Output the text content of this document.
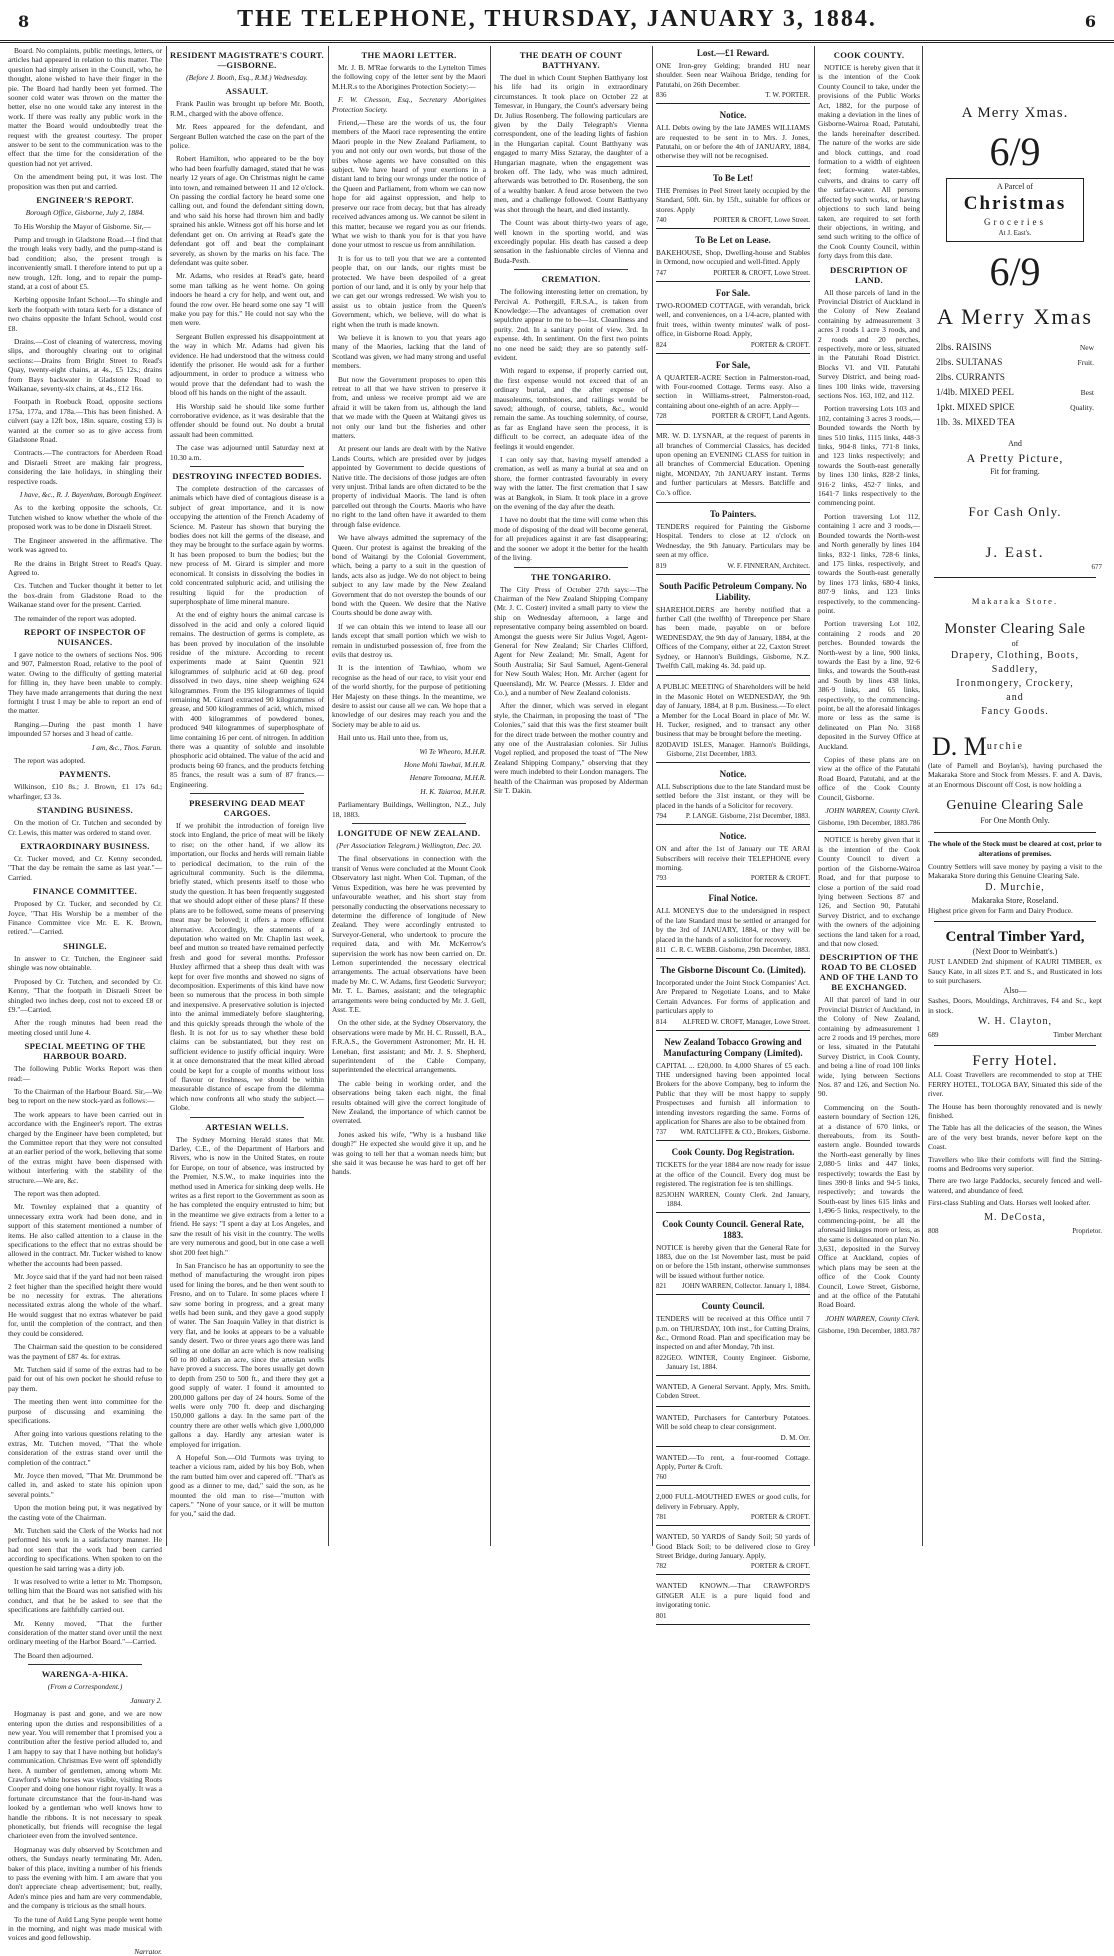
8	THE TELEPHONE, THURSDAY, JANUARY 3, 1884.	6

Board. No complaints, public meetings, letters, or articles had appeared in relation to this matter. The question had simply arisen in the Council, who, he thought, alone wished to have their finger in the pie. The Board had hardly been yet formed. The sooner cold water was thrown on the matter the better, else no one would take any interest in the work. If there was really any public work in the matter the Board would undoubtedly treat the request with the greatest courtesy. The proper answer to be sent to the communication was to the effect that the time for the consideration of the question had not yet arrived.

On the amendment being put, it was lost. The proposition was then put and carried.

ENGINEER'S REPORT.
Borough Office, Gisborne, July 2, 1884.

To His Worship the Mayor of Gisborne. Sir,—

Pump and trough in Gladstone Road.—I find that the trough leaks very badly, and the pump-stand is bad condition; also, the present trough is inconveniently small. I therefore intend to put up a new trough, 12ft. long, and to repair the pump-stand, at a cost of about £5.

Kerbing opposite Infant School.—To shingle and kerb the footpath with totara kerb for a distance of two chains opposite the Infant School, would cost £8.

Drains.—Cost of cleaning of watercress, moving slips, and thoroughly clearing out to original sections:—Drains from Bright Street to Read's Quay, twenty-eight chains, at 4s., £5 12s.; drains from Bays backwater in Gladstone Road to Waikanae, seventy-six chains, at 4s., £12 16s.

Footpath in Roebuck Road, opposite sections 175a, 177a, and 178a.—This has been finished. A culvert (say a 12ft box, 18in. square, costing £3) is wanted at the corner so as to give access from Gladstone Road.

Contracts.—The contractors for Aberdeen Road and Disraeli Street are making fair progress, considering the late holidays, in shingling their respective roads.

I have, &c., R. J. Bayenham, Borough Engineer.

As to the kerbing opposite the schools, Cr. Tutchen wished to know whether the whole of the proposed work was to be done in Disraeli Street.

The Engineer answered in the affirmative. The work was agreed to.

Re the drains in Bright Street to Read's Quay. Agreed to.

Crs. Tutchen and Tucker thought it better to let the box-drain from Gladstone Road to the Waikanae stand over for the present. Carried.

The remainder of the report was adopted.

REPORT OF INSPECTOR OF NUISANCES.

I gave notice to the owners of sections Nos. 906 and 907, Palmerston Road, relative to the pool of water. Owing to the difficulty of getting material for filling in, they have been unable to comply. They have made arrangements that during the next fortnight I trust I may be able to report an end of the matter.

Ranging.—During the past month I have impounded 57 horses and 3 head of cattle.

I am, &c., Thos. Faran.

The report was adopted.

PAYMENTS.

Wilkinson, £10 8s.; J. Brown, £1 17s 6d.; wharfinger, £3 3s.

STANDING BUSINESS.

On the motion of Cr. Tutchen and seconded by Cr. Lewis, this matter was ordered to stand over.

EXTRAORDINARY BUSINESS.

Cr. Tucker moved, and Cr. Kenny seconded, "That the day be remain the same as last year."—Carried.

FINANCE COMMITTEE.

Proposed by Cr. Tucker, and seconded by Cr. Joyce, "That His Worship be a member of the Finance Committee vice Mr. E. K. Brown, retired."—Carried.

SHINGLE.

In answer to Cr. Tutchen, the Engineer said shingle was now obtainable.

Proposed by Cr. Tutchen, and seconded by Cr. Kenny, "That the footpath in Disraeli Street be shingled two inches deep, cost not to exceed £8 or £9."—Carried.

After the rough minutes had been read the meeting closed until June 4.

SPECIAL MEETING OF THE HARBOUR BOARD.

The following Public Works Report was then read:—

To the Chairman of the Harbour Board. Sir,—We beg to report on the new stock-yard as follows:—

The work appears to have been carried out in accordance with the Engineer's report. The extras charged by the Engineer have been completed, but the Committee report that they were not consulted at an earlier period of the work, believing that some of the extras might have been dispensed with without interfering with the stability of the structure.—We are, &c.

The report was then adopted.

Mr. Townley explained that a quantity of unnecessary extra work had been done, and in support of this statement mentioned a number of items. He also called attention to a clause in the specifications to the effect that no extras should be allowed in the contract. Mr. Tucker wished to know whether the accounts had been passed.

Mr. Joyce said that if the yard had not been raised 2 feet higher than the specified height there would be no necessity for extras. The alterations necessitated extras along the whole of the wharf. He would suggest that no extras whatever be paid for, until the completion of the contract, and then they could be considered.

The Chairman said the question to be considered was the payment of £87 4s. for extras.

Mr. Tutchen said if some of the extras had to be paid for out of his own pocket he should refuse to pay them.

The meeting then went into committee for the purpose of discussing and examining the specifications.

After going into various questions relating to the extras, Mr. Tutchen moved, "That the whole consideration of the extras stand over until the completion of the contract."

Mr. Joyce then moved, "That Mr. Drummond be called in, and asked to state his opinion upon several points."

Upon the motion being put, it was negatived by the casting vote of the Chairman.

Mr. Tutchen said the Clerk of the Works had not performed his work in a satisfactory manner. He had not seen that the work had been carried according to specifications. When spoken to on the question he said tarring was a dirty job.

It was resolved to write a letter to Mr. Thompson, telling him that the Board was not satisfied with his conduct, and that he be asked to see that the specifications are faithfully carried out.

Mr. Kenny moved, "That the further consideration of the matter stand over until the next ordinary meeting of the Harbor Board."—Carried.

The Board then adjourned.

WARENGA-A-HIKA.
(From a Correspondent.)
January 2.

Hogmanay is past and gone, and we are now entering upon the duties and responsibilities of a new year. You will remember that I promised you a contribution after the festive period alluded to, and I am happy to say that I have nothing but holiday's communication. Christmas Eve went off splendidly here. A number of gentlemen, among whom Mr. Crawford's white horses was visible, visiting Roots Cooper and doing one honour right royally. It was a fortunate circumstance that the four-in-hand was looked by a gentleman who well knows how to handle the ribbons. It is not necessary to speak phonetically, but friends will recognise the legal charioteer even from the involved sentence.

Hogmanay was duly observed by Scotchmen and others, the Sundays nearly terminating Mr. Aden, baker of this place, inviting a number of his friends to pass the evening with him. I am aware that you don't appreciate cheap advertisement; but, really, Aden's mince pies and ham are very commendable, and the company is tricious as the small hours.

To the tune of Auld Lang Syne people went home in the morning, and night was made musical with voices and good fellowship.

Narrator.
RESIDENT MAGISTRATE'S COURT.—GISBORNE.
(Before J. Booth, Esq., R.M.) Wednesday.
ASSAULT.

Frank Paulin was brought up before Mr. Booth, R.M., charged with the above offence.

Mr. Rees appeared for the defendant, and Sergeant Bullen watched the case on the part of the police.

Robert Hamilton, who appeared to be the boy who had been fearfully damaged, stated that he was nearly 12 years of age. On Christmas night he came into town, and remained between 11 and 12 o'clock. On passing the cordial factory he heard some one calling out, and found the defendant sitting down, and who said his horse had thrown him and badly sprained his ankle. Witness got off his horse and let defendant get on. On arriving at Read's gate the defendant got off and beat the complainant severely, as shown by the marks on his face. The defendant was quite sober.

Mr. Adams, who resides at Read's gate, heard some man talking as he went home. On going indoors he heard a cry for help, and went out, and found the row over. He heard some one say "I will make you pay for this." He could not say who the men were.

Sergeant Bullen expressed his disappointment at the way in which Mr. Adams had given his evidence. He had understood that the witness could identify the prisoner. He would ask for a further adjournment, in order to produce a witness who would prove that the defendant had to wash the blood off his hands on the night of the assault.

His Worship said he should like some further corroborative evidence, as it was desirable that the offender should be found out. No doubt a brutal assault had been committed.

The case was adjourned until Saturday next at 10.30 a.m.

DESTROYING INFECTED BODIES.

The complete destruction of the carcasses of animals which have died of contagious disease is a subject of great importance, and it is now occupying the attention of the French Academy of Science. M. Pasteur has shown that burying the bodies does not kill the germs of the disease, and they may be brought to the surface again by worms. It has been proposed to burn the bodies; but the new process of M. Girard is simpler and more economical. It consists in dissolving the bodies in cold concentrated sulphuric acid, and utilising the resulting liquid for the production of superphosphate of lime mineral manure.

At the end of eighty hours the animal carcase is dissolved in the acid and only a colored liquid remains. The destruction of germs is complete, as has been proved by inoculation of the insoluble residue of the mixture. According to recent experiments made at Saint Quentin 921 kilogrammes of sulphuric acid at 60 deg. proof dissolved in two days, nine sheep weighing 624 kilogrammes. From the 195 kilogrammes of liquid remaining M. Girard extracted 90 kilogrammes of grease, and 500 kilogrammes of acid, which, mixed with 400 kilogrammes of powdered bones, produced 940 kilogrammes of superphosphate of lime containing 16 per cent. of nitrogen. In addition there was a quantity of soluble and insoluble phosphoric acid obtained. The value of the acid and products being 60 francs, and the products fetching 85 francs, the result was a sum of 87 francs.—Engineering.

PRESERVING DEAD MEAT CARGOES.

If we prohibit the introduction of foreign live stock into England, the price of meat will be likely to rise; on the other hand, if we allow its importation, our flocks and herds will remain liable to periodical decimation, to the ruin of the agricultural community. Such is the dilemma, briefly stated, which presents itself to those who study the question. It has been frequently suggested that we should adopt either of these plans? If these plans are to be followed, some means of preserving meat may be beloved; it offers a more efficient alternative. Accordingly, the statements of a deputation who waited on Mr. Chaplin last week, beef and mutton so treated have remained perfectly fresh and good for several months. Professor Huxley affirmed that a sheep thus dealt with was kept for over five months and showed no signs of decomposition. Experiments of this kind have now been so numerous that the process in both simple and inexpensive. A preservative solution is injected into the animal immediately before slaughtering, and this quickly spreads through the whole of the flesh. It is not for us to say whether these bold claims can be substantiated, but they rest on sufficient evidence to justify official inquiry. Were it at once demonstrated that the meat killed abroad could be kept for a couple of months without loss of flavour or freshness, we should be within measurable distance of escape from the dilemma which now confronts all who study the subject.—Globe.

ARTESIAN WELLS.

The Sydney Morning Herald states that Mr. Darley, C.E., of the Department of Harbors and Rivers, who is now in the United States, en route for Europe, on tour of absence, was instructed by the Premier, N.S.W., to make inquiries into the method used in America for sinking deep wells. He writes as a first report to the Government as soon as he has completed the enquiry entrusted to him; but in the meantime we give extracts from a letter to a friend. He says: "I spent a day at Los Angeles, and saw the result of his visit in the country. The wells are very numerous and good, but in one case a well shot 200 feet high."

In San Francisco he has an opportunity to see the method of manufacturing the wrought iron pipes used for lining the bores, and he then went south to Fresno, and on to Tulare. In some places where I saw some boring in progress, and a great many wells had been sunk, and they gave a good supply of water. The San Joaquin Valley in that district is very flat, and he looks at appears to be a valuable sandy desert. Two or three years ago there was land selling at one dollar an acre which is now realising 60 to 80 dollars an acre, since the artesian wells have proved a success. The bores usually get down to depth from 250 to 500 ft., and there they get a good supply of water. I found it amounted to 200,000 gallons per day of 24 hours. Some of the wells were only 700 ft. deep and discharging 150,000 gallons a day. In the same part of the country there are other wells which give 1,000,000 gallons a day. Hardly any artesian water is employed for irrigation.

A Hopeful Son.—Old Turmots was trying to teacher a vicious ram, aided by his boy Bob, when the ram butted him over and capered off. "That's as good as a dinner to me, dad," said the son, as he mounted the old man to rise—"mutton with capers." "None of your sauce, or it will be mutton for you," said the dad.

THE MAORI LETTER.

Mr. J. B. M'Rae forwards to the Lyttelton Times the following copy of the letter sent by the Maori M.H.R.s to the Aborigines Protection Society:—

F. W. Chesson, Esq., Secretary Aborigines Protection Society.

Friend,—These are the words of us, the four members of the Maori race representing the entire Maori people in the New Zealand Parliament, to you and not only our own words, but those of the tribes whose agents we have consulted on this subject. We have heard of your exertions in a distant land to bring our wrongs under the notice of the Queen and Parliament, from whom we can now hope for aid against oppression, and help to preserve our race from decay, but that has already received advances among us. We cannot be silent in this matter, because we regard you as our friends. What we wish to thank you for is that you have done your utmost to rescue us from annihilation.

It is for us to tell you that we are a contented people that, on our lands, our rights must be protected. We have been despoiled of a great portion of our land, and it is only by your help that we can get our wrongs redressed. We wish you to assist us to obtain justice from the Queen's Government, which, we believe, will do what is right when the truth is made known.

We believe it is known to you that years ago many of the Maories, lacking that the land of Scotland was given, we had many strong and useful members.

But now the Government proposes to open this retreat to all that we have striven to preserve it from, and unless we receive prompt aid we are afraid it will be taken from us, although the land that we made with the Queen at Waitangi gives us not only our land but the fisheries and other matters.

At present our lands are dealt with by the Native Lands Courts, which are presided over by judges appointed by Government to decide questions of Native title. The decisions of those judges are often very unjust. Tribal lands are often dictated to be the property of individual Maoris. The land is often parcelled out through the Courts. Maoris who have no right to the land often have it awarded to them through false evidence.

We have always admitted the supremacy of the Queen. Our protest is against the breaking of the bond of Waitangi by the Colonial Government, which, being a party to a suit in the question of lands, acts also as judge. We do not object to being subject to any law made by the New Zealand Government that do not overstep the bounds of our bond with the Queen. We desire that the Native Courts should be done away with.

If we can obtain this we intend to lease all our lands except that small portion which we wish to remain in undisturbed possession of, free from the evils that destroy us.

It is the intention of Tawhiao, whom we recognise as the head of our race, to visit your end of the world shortly, for the purpose of petitioning Her Majesty on these things. In the meantime, we desire to assist our cause all we can. We hope that a knowledge of our desires may reach you and the Society may be able to aid us.

Hail unto us. Hail unto thee, from us,

Wi Te Wheoro, M.H.R.
Hone Mohi Tawhai, M.H.R.
Henare Tomoana, M.H.R.
H. K. Taiaroa, M.H.R.

Parliamentary Buildings, Wellington, N.Z., July 18, 1883.

LONGITUDE OF NEW ZEALAND.
(Per Association Telegram.) Wellington, Dec. 20.

The final observations in connection with the transit of Venus were concluded at the Mount Cook Observatory last night. When Col. Tupman, of the Venus Expedition, was here he was prevented by unfavourable weather, and his short stay from personally conducting the observations necessary to determine the difference of longitude of New Zealand. They were accordingly entrusted to Surveyor-General, who undertook to procure the required data, and with Mr. McKerrow's supervision the work has now been carried on. Dr. Lemon superintended the necessary electrical arrangements. The actual observations have been made by Mr. C. W. Adams, first Geodetic Surveyor; Mr. T. L. Barnes, assistant; and the telegraphic arrangements were being conducted by Mr. J. Gell, Asst. T.E.

On the other side, at the Sydney Observatory, the observations were made by Mr. H. C. Russell, B.A., F.R.A.S., the Government Astronomer; Mr. H. H. Lenehan, first assistant; and Mr. J. S. Shepherd, superintendent of the Cable Company, superintended the electrical arrangements.

The cable being in working order, and the observations being taken each night, the final results obtained will give the correct longitude of New Zealand, the importance of which cannot be overrated.

Jones asked his wife, "Why is a husband like dough?" He expected she would give it up, and he was going to tell her that a woman needs him; but she said it was because he was hard to get off her hands.

THE DEATH OF COUNT BATTHYANY.

The duel in which Count Stephen Batthyany lost his life had its origin in extraordinary circumstances. It took place on October 22 at Temesvar, in Hungary, the Count's adversary being Dr. Julius Rosenberg. The following particulars are given by the Daily Telegraph's Vienna correspondent, one of the leading lights of fashion in the Hungarian capital. Count Batthyany was engaged to marry Miss Sztaray, the daughter of a Hungarian magnate, when the engagement was broken off. The lady, who was much admired, afterwards was betrothed to Dr. Rosenberg, the son of a wealthy banker. A feud arose between the two men, and a challenge followed. Count Batthyany was shot through the heart, and died instantly.

The Count was about thirty-two years of age, well known in the sporting world, and was exceedingly popular. His death has caused a deep sensation in the fashionable circles of Vienna and Buda-Pesth.

CREMATION.

The following interesting letter on cremation, by Percival A. Pothergill, F.R.S.A., is taken from Knowledge:—The advantages of cremation over sepulchre appear to me to be—1st. Cleanliness and purity. 2nd. In a sanitary point of view. 3rd. In expense. 4th. In sentiment. On the first two points no one need be said; they are so patently self-evident.

With regard to expense, if properly carried out, the first expense would not exceed that of an ordinary burial, and the after expense of mausoleums, tombstones, and railings would be saved; although, of course, tablets, &c., would remain the same. As touching solemnity, of course, as far as England have seen the process, it is difficult to be correct, an adequate idea of the feelings it would engender.

I can only say that, having myself attended a cremation, as well as many a burial at sea and on shore, the former contrasted favourably in every way with the latter. The first cremation that I saw was at Bangkok, in Siam. It took place in a grove on the evening of the day after the death.

I have no doubt that the time will come when this mode of disposing of the dead will become general, for all prejudices against it are fast disappearing; and the sooner we adopt it the better for the health of the living.

THE TONGARIRO.

The City Press of October 27th says:—The Chairman of the New Zealand Shipping Company (Mr. J. C. Coster) invited a small party to view the ship on Wednesday afternoon, a large and representative company being assembled on board. Amongst the guests were Sir Julius Vogel, Agent-General for New Zealand; Sir Charles Clifford, Agent for New Zealand; Mr. Small, Agent for South Australia; Sir Saul Samuel, Agent-General for New South Wales; Hon. Mr. Archer (agent for Queensland), Mr. W. Pearce (Messrs. J. Elder and Co.), and a number of New Zealand colonists.

After the dinner, which was served in elegant style, the Chairman, in proposing the toast of "The Colonies," said that this was the first steamer built for the direct trade between the mother country and any one of the Australasian colonies. Sir Julius Vogel replied, and proposed the toast of "The New Zealand Shipping Company," observing that they were much indebted to their London managers. The health of the Chairman was proposed by Alderman Sir T. Dakin.

Lost.—£1 Reward.
ONE Iron-grey Gelding; branded HU near shoulder. Seen near Waihoua Bridge, tending for Patutahi, on 26th December.
836	T. W. PORTER.
Notice.
ALL Debts owing by the late JAMES WILLIAMS are requested to be sent in to Mrs. J. Jones, Patutahi, on or before the 4th of JANUARY, 1884, otherwise they will not be recognised.
To Be Let!
THE Premises in Peel Street lately occupied by the Standard, 50ft. 6in. by 15ft., suitable for offices or stores. Apply
740	PORTER & CROFT, Lowe Street.
To Be Let on Lease.
BAKEHOUSE, Shop, Dwelling-house and Stables in Ormond, now occupied and well-fitted. Apply
747	PORTER & CROFT, Lowe Street.
For Sale.
TWO-ROOMED COTTAGE, with verandah, brick well, and conveniences, on a 1/4-acre, planted with fruit trees, within twenty minutes' walk of post-office, in Gisborne Road. Apply,
824	PORTER & CROFT.
For Sale,
A QUARTER-ACRE Section in Palmerston-road, with Four-roomed Cottage. Terms easy. Also a section in Williams-street, Palmerston-road, containing about one-eighth of an acre. Apply—
728	PORTER & CROFT, Land Agents.
MR. W. D. LYSNAR, at the request of parents in all branches of Commercial Classics, has decided upon opening an EVENING CLASS for tuition in all branches of Commercial Education. Opening night, MONDAY, 7th JANUARY instant. Terms and further particulars at Messrs. Batcliffe and Co.'s office.
To Painters.
TENDERS required for Painting the Gisborne Hospital. Tenders to close at 12 o'clock on Wednesday, the 9th January. Particulars may be seen at my office.
819	W. F. FINNERAN, Architect.
South Pacific Petroleum Company. No Liability.
SHAREHOLDERS are hereby notified that a further Call (the twelfth) of Threepence per Share has been made, payable on or before WEDNESDAY, the 9th day of January, 1884, at the Offices of the Company, either at 22, Caxton Street Sydney, or Hannon's Buildings, Gisborne, N.Z. Twelfth Call, making 4s. 3d. paid up.
A PUBLIC MEETING of Shareholders will be held in the Masonic Hotel on WEDNESDAY, the 9th day of January, 1884, at 8 p.m. Business.—To elect a Member for the Local Board in place of Mr. W. H. Tucker, resigned, and to transact any other business that may be brought before the meeting.
820 DAVID ISLES, Manager. Hannon's Buildings, Gisborne, 21st December, 1883.
Notice.
ALL Subscriptions due to the late Standard must be settled before the 31st instant, or they will be placed in the hands of a Solicitor for recovery.
794	P. LANGE. Gisborne, 21st December, 1883.
Notice.
ON and after the 1st of January our TE ARAI Subscribers will receive their TELEPHONE every morning.
793	PORTER & CROFT.
Final Notice.
ALL MONEYS due to the undersigned in respect of the late Standard must be settled or arranged for by the 3rd of JANUARY, 1884, or they will be placed in the hands of a solicitor for recovery.
811 C. R. C. WEBB. Gisborne, 29th December, 1883.
The Gisborne Discount Co. (Limited).
Incorporated under the Joint Stock Companies' Act. Are Prepared to Negotiate Loans, and to Make Certain Advances. For forms of application and particulars apply to
814 ALFRED W. CROFT, Manager, Lowe Street.
New Zealand Tobacco Growing and Manufacturing Company (Limited).
CAPITAL ... £20,000. In 4,000 Shares of £5 each. THE undersigned having been appointed local Brokers for the above Company, beg to inform the Public that they will be most happy to supply Prospectuses and furnish all information to intending investors regarding the same. Forms of application for Shares are also to be obtained from
737 WM. RATCLIFFE & CO., Brokers, Gisborne.
Cook County. Dog Registration.
TICKETS for the year 1884 are now ready for issue at the office of the Council. Every dog must be registered. The registration fee is ten shillings.
825 JOHN WARREN, County Clerk. 2nd January, 1884.
Cook County Council. General Rate, 1883.
NOTICE is hereby given that the General Rate for 1883, due on the 1st November last, must be paid on or before the 15th instant, otherwise summonses will be issued without further notice.
821 JOHN WARREN, Collector. January 1, 1884.
County Council.
TENDERS will be received at this Office until 7 p.m. on THURSDAY, 10th inst., for Cutting Drains, &c., Ormond Road. Plan and specification may be inspected on and after Monday, 7th inst.
822 GEO. WINTER, County Engineer. Gisborne, January 1st, 1884.
WANTED, A General Servant. Apply, Mrs. Smith, Cobden Street.
WANTED, Purchasers for Canterbury Potatoes. Will be sold cheap to clear consignment.
D. M. Orr.
WANTED.—To rent, a four-roomed Cottage. Apply, Porter & Croft.
760
2,000 FULL-MOUTHED EWES or good culls, for delivery in February. Apply,
781	PORTER & CROFT.
WANTED, 50 YARDS of Sandy Soil; 50 yards of Good Black Soil; to be delivered close to Grey Street Bridge, during January. Apply,
782	PORTER & CROFT.
WANTED KNOWN.—That CRAWFORD'S GINGER ALE is a pure liquid food and invigorating tonic.
801
COOK COUNTY.

NOTICE is hereby given that it is the intention of the Cook County Council to take, under the provisions of the Public Works Act, 1882, for the purpose of making a deviation in the lines of Gisborne-Wairoa Road, Patutahi, the lands hereinafter described. The nature of the works are side and block cuttings, and road formation to a width of eighteen feet; forming water-tables, culverts, and drains to carry off the surface-water. All persons affected by such works, or having objections to such land being taken, are required to set forth their objections, in writing, and send such writing to the office of the Cook County Council, within forty days from this date.

DESCRIPTION OF LAND.

All those parcels of land in the Provincial District of Auckland in the Colony of New Zealand containing by admeasurement 3 acres 3 roods 1 acre 3 roods, and 2 roods and 20 perches, respectively, more or less, situated in the Patutahi Road District. Blocks VI. and VII. Patutahi Survey District, and being road-lines 100 links wide, traversing sections Nos. 163, 102, and 112.

Portion traversing Lots 103 and 102, containing 3 acres 3 roods,—Bounded towards the North by lines 510 links, 1115 links, 448·3 links, 904·8 links, 771·8 links, and 123 links respectively; and towards the South-east generally by lines 130 links, 828·2 links, 916·2 links, 452·7 links, and 1641·7 links respectively to the commencing point.

Portion traversing Lot 112, containing 1 acre and 3 roods,—Bounded towards the North-west and North generally by lines 104 links, 832·1 links, 728·6 links, and 175 links, respectively, and towards the South-east generally by lines 173 links, 680·4 links, 807·9 links, and 123 links respectively, to the commencing-point.

Portion traversing Lot 102, containing 2 roods and 20 perches. Bounded towards the North-west by a line, 900 links, towards the East by a line, 92·6 links, and towards the South-east and South by lines 438 links, 386·9 links, and 65 links, respectively, to the commencing-point, be all the aforesaid linkages more or less as the same is delineated on Plan No. 3168 deposited in the Survey Office at Auckland.

Copies of these plans are on view at the office of the Patutahi Road Board, Patutahi, and at the office of the Cook County Council, Gisborne.

JOHN WARREN, County Clerk.
Gisborne, 19th December, 1883. 786

NOTICE is hereby given that it is the intention of the Cook County Council to divert a portion of the Gisborne-Wairoa Road, and for that purpose to close a portion of the said road lying between Sections 87 and 126, and Section 90, Patutahi Survey District, and to exchange with the owners of the adjoining sections the land taken for a road, and that now closed.

DESCRIPTION OF THE ROAD TO BE CLOSED AND OF THE LAND TO BE EXCHANGED.

All that parcel of land in our Provincial District of Auckland, in the Colony of New Zealand, containing by admeasurement 1 acre 2 roods and 19 perches, more or less, situated in the Patutahi Survey District, in Cook County, and being a line of road 100 links wide, lying between Sections Nos. 87 and 126, and Section No. 90.

Commencing on the South-eastern boundary of Section 126, at a distance of 670 links, or thereabouts, from its South-eastern angle. Bounded towards the North-east generally by lines 2,080·5 links and 447 links, respectively; towards the East by lines 390·8 links and 94·5 links, respectively; and towards the South-east by lines 615 links and 1,496·5 links, respectively, to the commencing-point, be all the aforesaid linkages more or less, as the same is delineated on plan No. 3,631, deposited in the Survey Office at Auckland, copies of which plans may be seen at the office of the Cook County Council, Lowe Street, Gisborne, and at the office of the Patutahi Road Board.

JOHN WARREN, County Clerk.
Gisborne, 19th December, 1883. 787
A Merry Xmas.
6/9
A Parcel of
Christmas
Groceries
At J. East's.
6/9
A Merry Xmas
2lbs. RAISINS	New
2lbs. SULTANAS	Fruit.
2lbs. CURRANTS
1/4lb. MIXED PEEL	Best
1pkt. MIXED SPICE	Quality.
1lb. 3s. MIXED TEA
And
A Pretty Picture,
Fit for framing.
For Cash Only.
J. East.
677
Makaraka Store.
Monster Clearing Sale
of
Drapery, Clothing, Boots,
Saddlery,
Ironmongery, Crockery,
and
Fancy Goods.
D. $M^{urchie}$
(late of Parnell and Boylan's), having purchased the Makaraka Store and Stock from Messrs. F. and A. Davis, at an Enormous Discount off Cost, is now holding a
Genuine Clearing Sale
For One Month Only.
The whole of the Stock must be cleared at cost, prior to alterations of premises.
Country Settlers will save money by paying a visit to the Makaraka Store during this Genuine Clearing Sale.
D. Murchie,
Makaraka Store, Roseland.
Highest price given for Farm and Dairy Produce.
Central Timber Yard,
(Next Door to Weinbatt's.)
JUST LANDED 2nd shipment of KAURI TIMBER, ex Saucy Kate, in all sizes P.T. and S., and Rusticated in lots to suit purchasers.
Also—
Sashes, Doors, Mouldings, Architraves, F4 and Sc., kept in stock.
W. H. Clayton,
689	Timber Merchant
Ferry Hotel.
ALL Coast Travellers are recommended to stop at THE FERRY HOTEL, TOLOGA BAY, Situated this side of the river.
The House has been thoroughly renovated and is newly finished.
The Table has all the delicacies of the season, the Wines are of the very best brands, never before kept on the Coast.
Travellers who like their comforts will find the Sitting-rooms and Bedrooms very superior.
There are two large Paddocks, securely fenced and well-watered, and abundance of feed.
First-class Stabling and Oats. Horses well looked after.
M. DeCosta,
808	Proprietor.
